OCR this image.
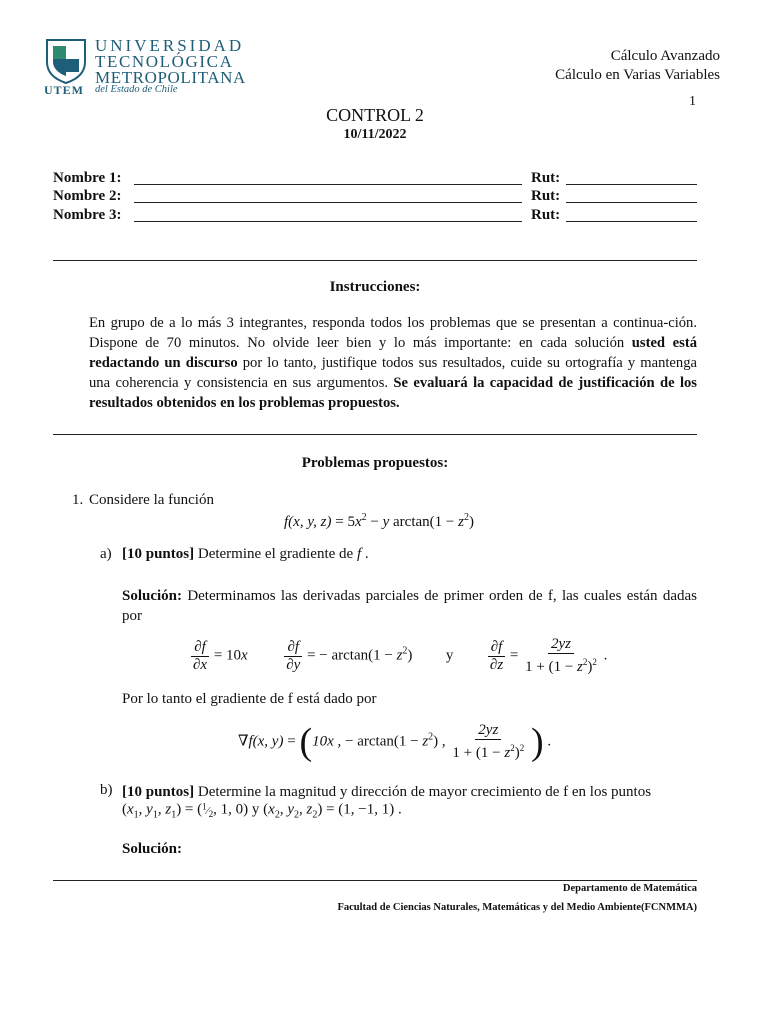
UNIVERSIDAD
TECNOLÓGICA
METROPOLITANA
UTEM del Estado de Chile
Cálculo Avanzado
Cálculo en Varias Variables
1
CONTROL 2
10/11/2022
Nombre 1:	Rut:
Nombre 2:	Rut:
Nombre 3:	Rut:
Instrucciones:
En grupo de a lo más 3 integrantes, responda todos los problemas que se presentan a continua-ción. Dispone de 70 minutos. No olvide leer bien y lo más importante: en cada solución usted está redactando un discurso por lo tanto, justifique todos sus resultados, cuide su ortografía y mantenga una coherencia y consistencia en sus argumentos. Se evaluará la capacidad de justificación de los resultados obtenidos en los problemas propuestos.
Problemas propuestos:
1. Considere la función
f(x, y, $z) = 5x^2 - y$ $\arctan(1 - z^2)$
a) [10 puntos] Determine el gradiente de f .
Solución: Determinamos las derivadas parciales de primer orden de f, las cuales están dadas por
$\frac{\partial f}{\partial x} = 10x \frac{\partial f}{\partial y}$ = − $\arctan(1 - z^2)$ y $\frac{\partial f}{\partial z} = \frac{2yz}{1 + (1 - z^2)^2}$ .
Por lo tanto el gradiente de f está dado por
∇f(x, y) = (10x , − $\arctan(1 - z^2)$ , $\frac{2yz}{1 + (1 - z^2)^2}$ ) .
b) [10 puntos] Determine la magnitud y dirección de mayor crecimiento de f en los puntos
($x_1$, $y_1$, $z_1$) = ($^1⁄_2$, 1, 0) y ($x_2$, $y_2$, $z_2) = (1$, −1, 1) .
Solución:
Departamento de Matemática
Facultad de Ciencias Naturales, Matemáticas y del Medio Ambiente(FCNMMA)
